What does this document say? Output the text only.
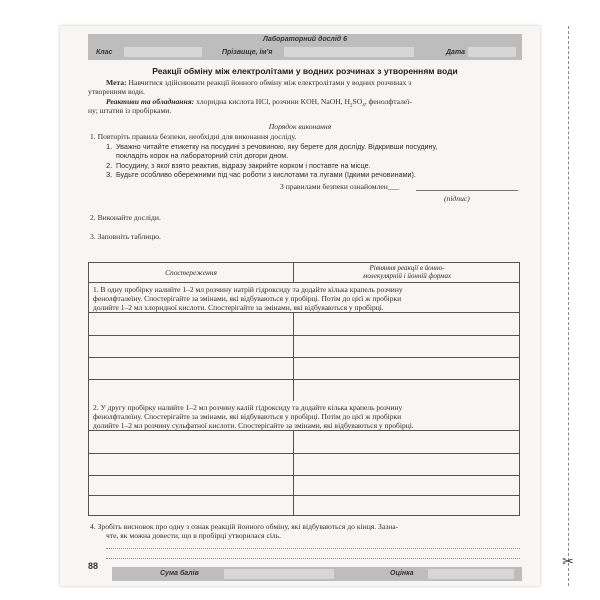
Лабораторний дослід 6
Клас	Прізвище, ім'я	Дата
Реакції обміну між електролітами у водних розчинах з утворенням води
Мета: Навчитися здійснювати реакції йонного обміну між електролітами у водних розчинах з
утворенням води.
Реактиви та обладнання: хлоридна кислота HCl, розчини KOH, NaOH, $H_2SO_4$, фенолфталеї-
ну; штатив із пробірками.
Порядок виконання
1. Повторіть правила безпеки, необхідні для виконання досліду.
1. Уважно читайте етикетку на посудині з речовиною, яку берете для досліду. Відкривши посудину,
покладіть корок на лабораторний стіл догори дном.
2. Посудину, з якої взято реактив, відразу закрийте корком і поставте на місце.
3. Будьте особливо обережними під час роботи з кислотами та лугами (їдкими речовинами).
З правилами безпеки ознайомлен___
(підпис)
2. Виконайте досліди.
3. Заповніть таблицю.
Спостереження	Рівняння реакції в йонно-
молекулярній і йонній формах
1. В одну пробірку налийте 1–2 мл розчину натрій гідроксиду та додайте кілька крапель розчину
фенолфталеїну. Спостерігайте за змінами, які відбуваються у пробірці. Потім до цієї ж пробірки
долийте 1–2 мл хлоридної кислоти. Спостерігайте за змінами, які відбуваються у пробірці.
2. У другу пробірку налийте 1–2 мл розчину калій гідроксиду та додайте кілька крапель розчину
фенолфталеїну. Спостерігайте за змінами, які відбуваються у пробірці. Потім до цієї ж пробірки
долийте 1–2 мл розчину сульфатної кислоти. Спостерігайте за змінами, які відбуваються у пробірці.
4. Зробіть висновок про одну з ознак реакцій йонного обміну, які відбуваються до кінця. Зазна-
чте, як можна довести, що в пробірці утворилася сіль.
88
Сума балів	Оцінка
✂
